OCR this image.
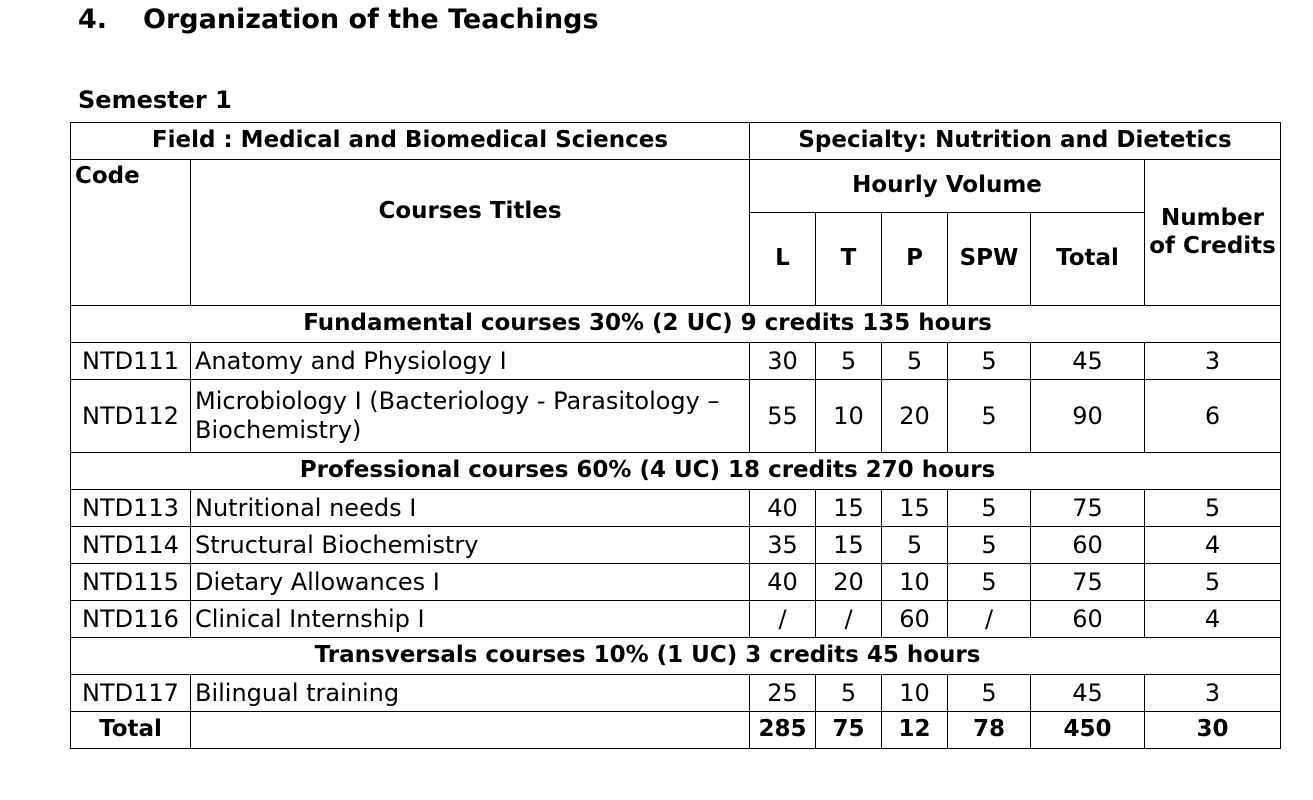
4. Organization of the Teachings
Semester 1
Field : Medical and Biomedical Sciences		Specialty: Nutrition and Dietetics					
Code	Courses Titles	Hourly Volume					Number of Credits
		L	T	P	SPW	Total	
Fundamental courses 30% (2 UC) 9 credits 135 hours							
NTD111	Anatomy and Physiology I	30	5	5	5	45	3
NTD112	Microbiology I (Bacteriology - Parasitology – Biochemistry)	55	10	20	5	90	6
Professional courses 60% (4 UC) 18 credits 270 hours							
NTD113	Nutritional needs I	40	15	15	5	75	5
NTD114	Structural Biochemistry	35	15	5	5	60	4
NTD115	Dietary Allowances I	40	20	10	5	75	5
NTD116	Clinical Internship I	/	/	60	/	60	4
Transversals courses 10% (1 UC) 3 credits 45 hours							
NTD117	Bilingual training	25	5	10	5	45	3
Total		285	75	12	78	450	30
